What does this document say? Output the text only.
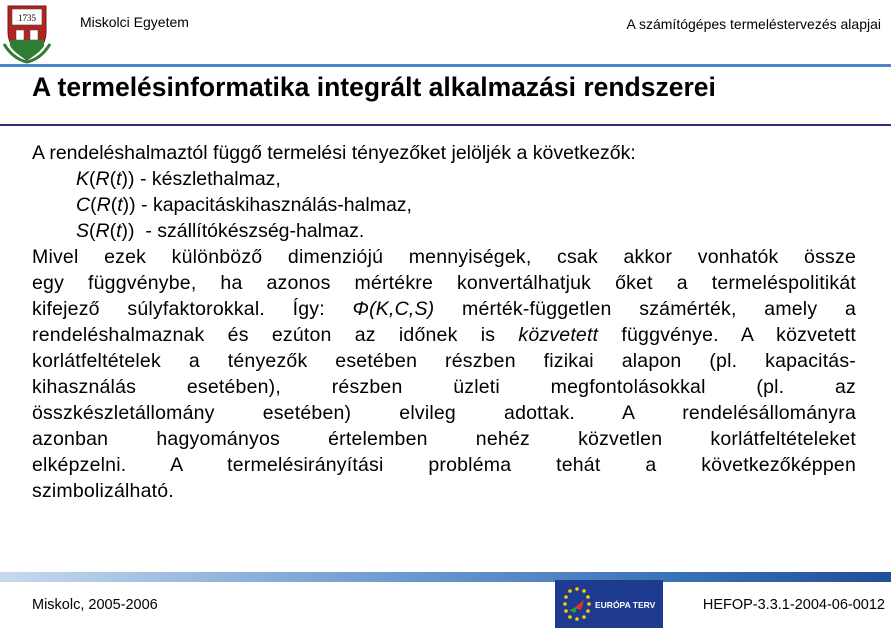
1735	Miskolci Egyetem	A számítógépes termeléstervezés alapjai
A termelésinformatika integrált alkalmazási rendszerei
A rendeléshalmaztól függő termelési tényezőket jelöljék a következők:
K(R(t)) - készlethalmaz,
C(R(t)) - kapacitáskihasználás-halmaz,
S(R(t))  - szállítókészség-halmaz.
Mivel ezek különböző dimenziójú mennyiségek, csak akkor vonhatók össze
egy függvénybe, ha azonos mértékre konvertálhatjuk őket a termeléspolitikát
kifejező súlyfaktorokkal. Így: Φ(K,C,S) mérték-független számérték, amely a
rendeléshalmaznak és ezúton az időnek is közvetett függvénye. A közvetett
korlátfeltételek a tényezők esetében részben fizikai alapon (pl. kapacitás-
kihasználás esetében), részben üzleti megfontolásokkal (pl. az
összkészletállomány esetében) elvileg adottak. A rendelésállományra
azonban hagyományos értelemben nehéz közvetlen korlátfeltételeket
elképzelni. A termelésirányítási probléma tehát a következőképpen
szimbolizálható.
Miskolc, 2005-2006	EURÓPA TERV	HEFOP-3.3.1-2004-06-0012
